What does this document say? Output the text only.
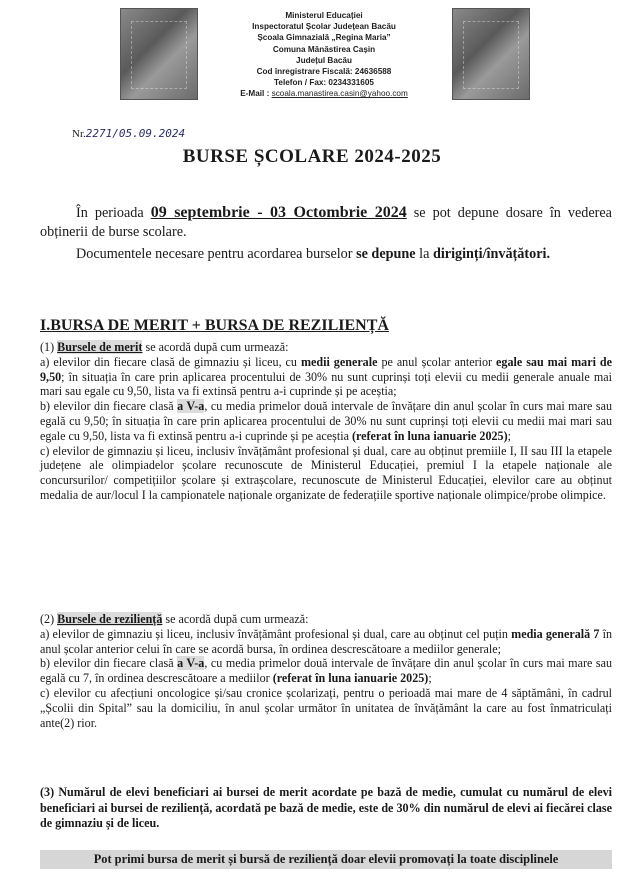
Ministerul Educației
Inspectoratul Școlar Județean Bacău
Școala Gimnazială „Regina Maria”
Comuna Mănăstirea Cașin
Județul Bacău
Cod înregistrare Fiscală: 24636588
Telefon / Fax: 0234331605
E-Mail : scoala.manastirea.casin@yahoo.com
Nr.2271/05.09.2024
BURSE ȘCOLARE 2024-2025
În perioada 09 septembrie - 03 Octombrie 2024 se pot depune dosare în vederea obținerii de burse scolare.
Documentele necesare pentru acordarea burselor se depune la diriginți/învățători.
I.BURSA DE MERIT + BURSA DE REZILIENȚĂ

(1) Bursele de merit se acordă după cum urmează:

a) elevilor din fiecare clasă de gimnaziu și liceu, cu medii generale pe anul școlar anterior egale sau mai mari de 9,50; în situația în care prin aplicarea procentului de 30% nu sunt cuprinși toți elevii cu medii generale anuale mai mari sau egale cu 9,50, lista va fi extinsă pentru a-i cuprinde și pe aceștia;

b) elevilor din fiecare clasă a V-a, cu media primelor două intervale de învățare din anul școlar în curs mai mare sau egală cu 9,50; în situația în care prin aplicarea procentului de 30% nu sunt cuprinși toți elevii cu medii mai mari sau egale cu 9,50, lista va fi extinsă pentru a-i cuprinde și pe aceștia (referat în luna ianuarie 2025);

c) elevilor de gimnaziu și liceu, inclusiv învățământ profesional și dual, care au obținut premiile I, II sau III la etapele județene ale olimpiadelor școlare recunoscute de Ministerul Educației, premiul I la etapele naționale ale concursurilor/ competițiilor școlare și extrașcolare, recunoscute de Ministerul Educației, elevilor care au obținut medalia de aur/locul I la campionatele naționale organizate de federațiile sportive naționale olimpice/probe olimpice.

(2) Bursele de reziliență se acordă după cum urmează:

a) elevilor de gimnaziu și liceu, inclusiv învățământ profesional și dual, care au obținut cel puțin media generală 7 în anul școlar anterior celui în care se acordă bursa, în ordinea descrescătoare a mediilor generale;

b) elevilor din fiecare clasă a V-a, cu media primelor două intervale de învățare din anul școlar în curs mai mare sau egală cu 7, în ordinea descrescătoare a mediilor (referat în luna ianuarie 2025);

c) elevilor cu afecțiuni oncologice și/sau cronice școlarizați, pentru o perioadă mai mare de 4 săptămâni, în cadrul „Școlii din Spital” sau la domiciliu, în anul școlar următor în unitatea de învățământ la care au fost înmatriculați ante(2) rior.

(3) Numărul de elevi beneficiari ai bursei de merit acordate pe bază de medie, cumulat cu numărul de elevi beneficiari ai bursei de reziliență, acordată pe bază de medie, este de 30% din numărul de elevi ai fiecărei clase de gimnaziu și de liceu.
Pot primi bursa de merit și bursă de reziliență doar elevii promovați la toate disciplinele
